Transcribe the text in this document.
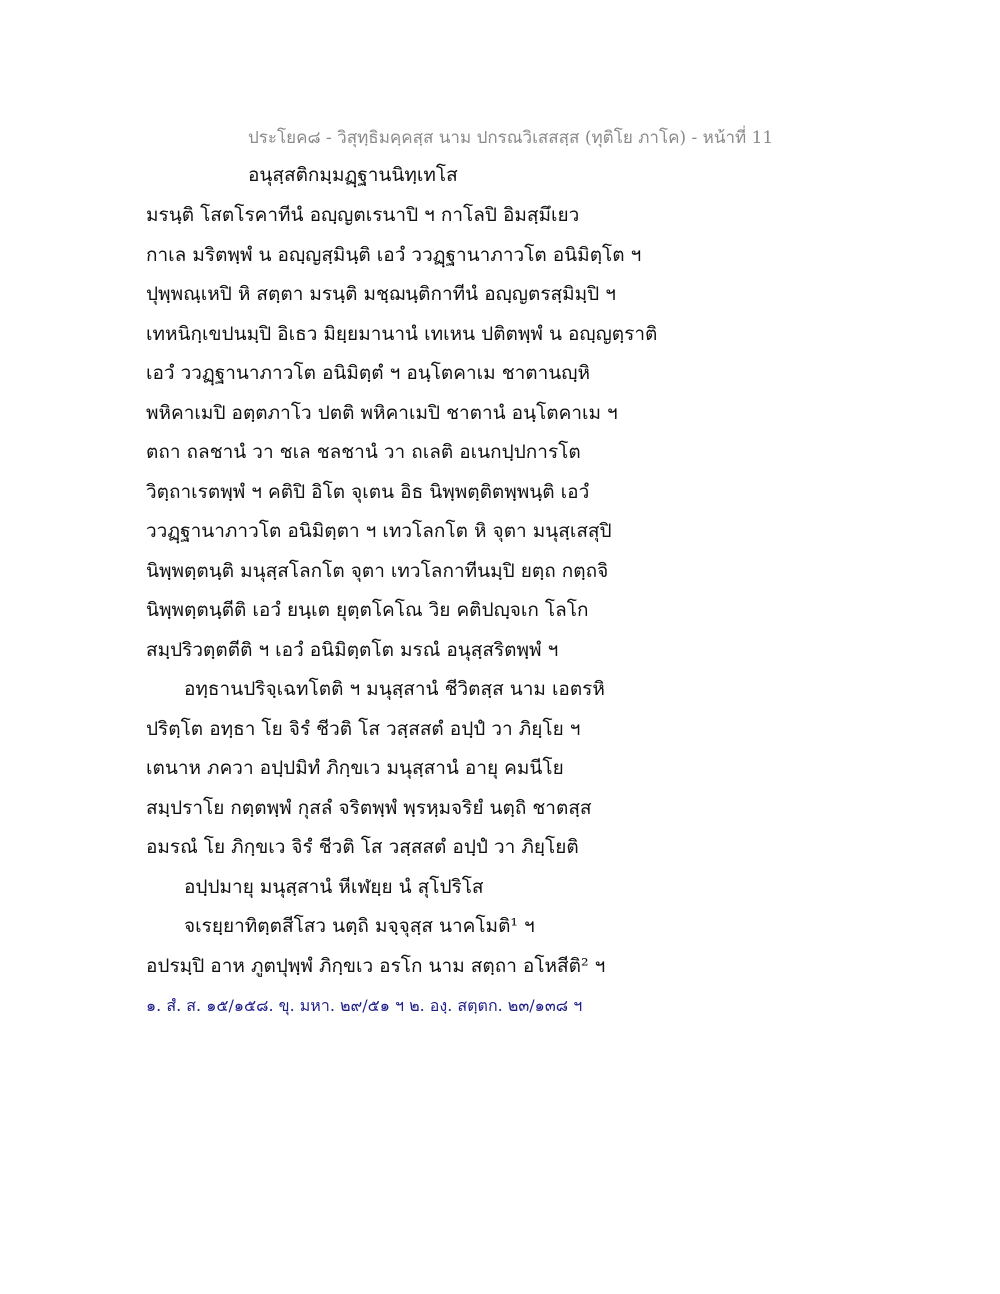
ประโยค๘ - วิสุทฺธิมคฺคสฺส นาม ปกรณวิเสสสฺส (ทุติโย ภาโค) - หน้าที่ 11
อนุสฺสติกมฺมฏฺฐานนิทฺเทโส
มรนฺติ โสตโรคาทีนํ อญฺญตเรนาปิ ฯ กาโลปิ อิมสฺมึเยว
กาเล มริตพฺพํ น อญฺญสฺมินฺติ เอวํ ววฏฺฐานาภาวโต อนิมิตฺโต ฯ
ปุพฺพณฺเหปิ หิ สตฺตา มรนฺติ มชฺฌนฺติกาทีนํ อญฺญตรสฺมิมฺปิ ฯ
เทหนิกฺเขปนมฺปิ อิเธว มิยฺยมานานํ เทเหน ปติตพฺพํ น อญฺญตฺราติ
เอวํ ววฏฺฐานาภาวโต อนิมิตฺตํ ฯ อนฺโตคาเม ชาตานญฺหิ
พหิคาเมปิ อตฺตภาโว ปตติ พหิคาเมปิ ชาตานํ อนฺโตคาเม ฯ
ตถา ถลชานํ วา ชเล ชลชานํ วา ถเลติ อเนกปฺปการโต
วิตฺถาเรตพฺพํ ฯ คติปิ อิโต จุเตน อิธ นิพฺพตฺติตพฺพนฺติ เอวํ
ววฏฺฐานาภาวโต อนิมิตฺตา ฯ เทวโลกโต หิ จุตา มนุสฺเสสุปิ
นิพฺพตฺตนฺติ มนุสฺสโลกโต จุตา เทวโลกาทีนมฺปิ ยตฺถ กตฺถจิ
นิพฺพตฺตนฺตีติ เอวํ ยนฺเต ยุตฺตโคโณ วิย คติปญฺจเก โลโก
สมฺปริวตฺตตีติ ฯ เอวํ อนิมิตฺตโต มรณํ อนุสฺสริตพฺพํ ฯ
อทฺธานปริจฺเฉทโตติ ฯ มนุสฺสานํ ชีวิตสฺส นาม เอตรหิ
ปริตฺโต อทฺธา โย จิรํ ชีวติ โส วสฺสสตํ อปฺปํ วา ภิยฺโย ฯ
เตนาห ภควา อปฺปมิทํ ภิกฺขเว มนุสฺสานํ อายุ คมนีโย
สมฺปราโย กตฺตพฺพํ กุสลํ จริตพฺพํ พฺรหฺมจริยํ นตฺถิ ชาตสฺส
อมรณํ โย ภิกฺขเว จิรํ ชีวติ โส วสฺสสตํ อปฺปํ วา ภิยฺโยติ
อปฺปมายุ มนุสฺสานํ หีเฬยฺย นํ สุโปริโส
จเรยฺยาทิตฺตสีโสว นตฺถิ มจฺจุสฺส นาคโมติ¹ ฯ
อปรมฺปิ อาห ภูตปุพฺพํ ภิกฺขเว อรโก นาม สตฺถา อโหสีติ² ฯ
๑. สํ. ส. ๑๕/๑๕๘. ขุ. มหา. ๒๙/๕๑ ฯ ๒. องฺ. สตฺตก. ๒๓/๑๓๘ ฯ
